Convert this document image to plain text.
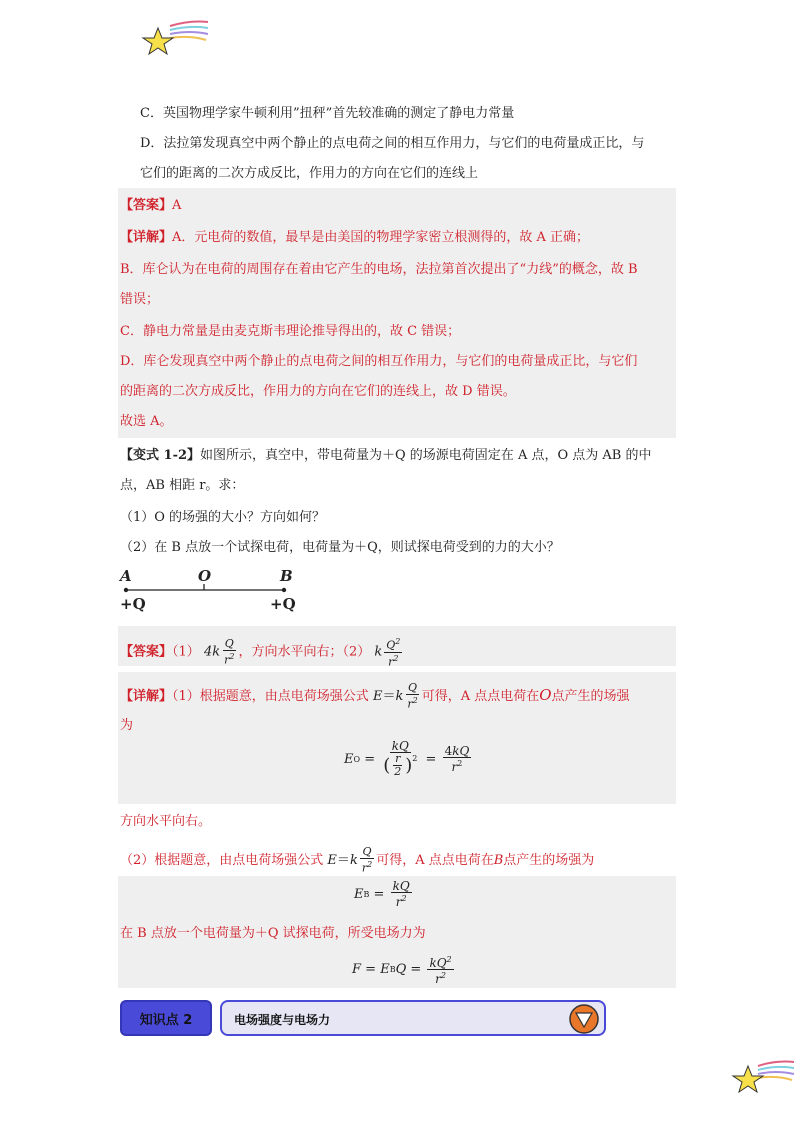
C．英国物理学家牛顿利用”扭秤”首先较准确的测定了静电力常量
D．法拉第发现真空中两个静止的点电荷之间的相互作用力，与它们的电荷量成正比，与
它们的距离的二次方成反比，作用力的方向在它们的连线上
【答案】A
【详解】A．元电荷的数值，最早是由美国的物理学家密立根测得的，故 A 正确；
B．库仑认为在电荷的周围存在着由它产生的电场，法拉第首次提出了“力线”的概念，故 B
错误；
C．静电力常量是由麦克斯韦理论推导得出的，故 C 错误；
D．库仑发现真空中两个静止的点电荷之间的相互作用力，与它们的电荷量成正比，与它们
的距离的二次方成反比，作用力的方向在它们的连线上，故 D 错误。
故选 A。
【变式 1-2】如图所示，真空中，带电荷量为＋Q 的场源电荷固定在 A 点，O 点为 AB 的中
点，AB 相距 r。求：
（1）O 的场强的大小？方向如何？
（2）在 B 点放一个试探电荷，电荷量为＋Q，则试探电荷受到的力的大小？
A	O	B
+Q	+Q
【答案】（1） $4k \frac{Q}{r^2}$ ，方向水平向右；（2） k $\frac{Q^2}{r^2}$
【详解】（1）根据题意，由点电荷场强公式 $E=k \frac{Q}{r^2}$ 可得，A 点点电荷在O点产生的场强
为
E $O = \frac{kQ}{( \frac{r}{2} )^2} = \frac{4kQ}{r^2}$
方向水平向右。
（2）根据题意，由点电荷场强公式 $E=k \frac{Q}{r^2}$ 可得，A 点点电荷在B点产生的场强为
E $B = \frac{kQ}{r^2}$
在 B 点放一个电荷量为＋Q 试探电荷，所受电场力为
F = E B $Q = \frac{kQ^2}{r^2}$
知识点 2	电场强度与电场力
